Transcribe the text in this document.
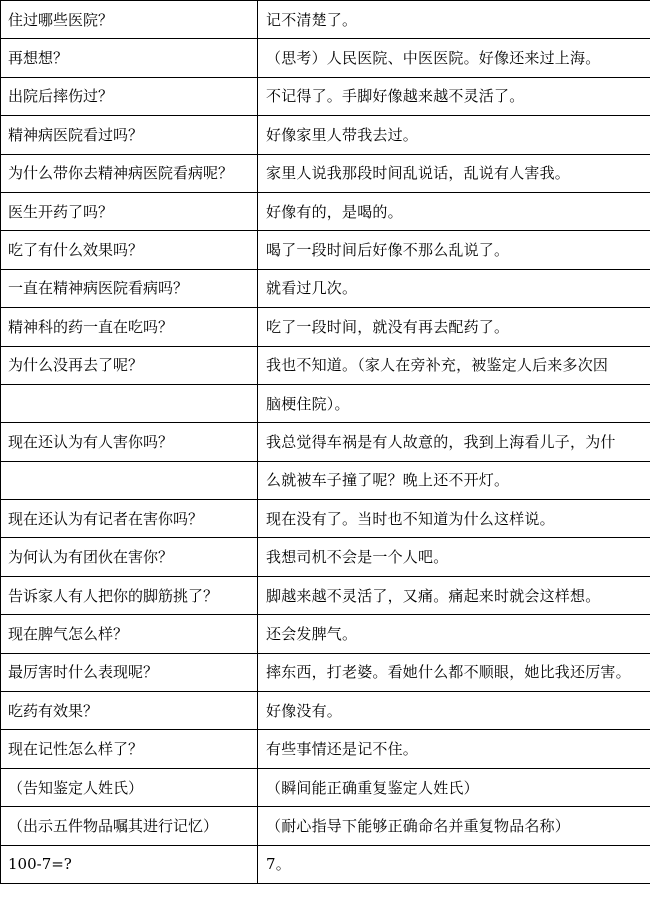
住过哪些医院？	记不清楚了。
再想想？	（思考）人民医院、中医医院。好像还来过上海。
出院后摔伤过？	不记得了。手脚好像越来越不灵活了。
精神病医院看过吗？	好像家里人带我去过。
为什么带你去精神病医院看病呢？	家里人说我那段时间乱说话，乱说有人害我。
医生开药了吗？	好像有的，是喝的。
吃了有什么效果吗？	喝了一段时间后好像不那么乱说了。
一直在精神病医院看病吗？	就看过几次。
精神科的药一直在吃吗？	吃了一段时间，就没有再去配药了。
为什么没再去了呢？	我也不知道。（家人在旁补充，被鉴定人后来多次因
	脑梗住院）。
现在还认为有人害你吗？	我总觉得车祸是有人故意的，我到上海看儿子，为什
	么就被车子撞了呢？晚上还不开灯。
现在还认为有记者在害你吗？	现在没有了。当时也不知道为什么这样说。
为何认为有团伙在害你？	我想司机不会是一个人吧。
告诉家人有人把你的脚筋挑了？	脚越来越不灵活了，又痛。痛起来时就会这样想。
现在脾气怎么样？	还会发脾气。
最厉害时什么表现呢？	摔东西，打老婆。看她什么都不顺眼，她比我还厉害。
吃药有效果？	好像没有。
现在记性怎么样了？	有些事情还是记不住。
（告知鉴定人姓氏）	（瞬间能正确重复鉴定人姓氏）
（出示五件物品嘱其进行记忆）	（耐心指导下能够正确命名并重复物品名称）
100-7=?	7。
